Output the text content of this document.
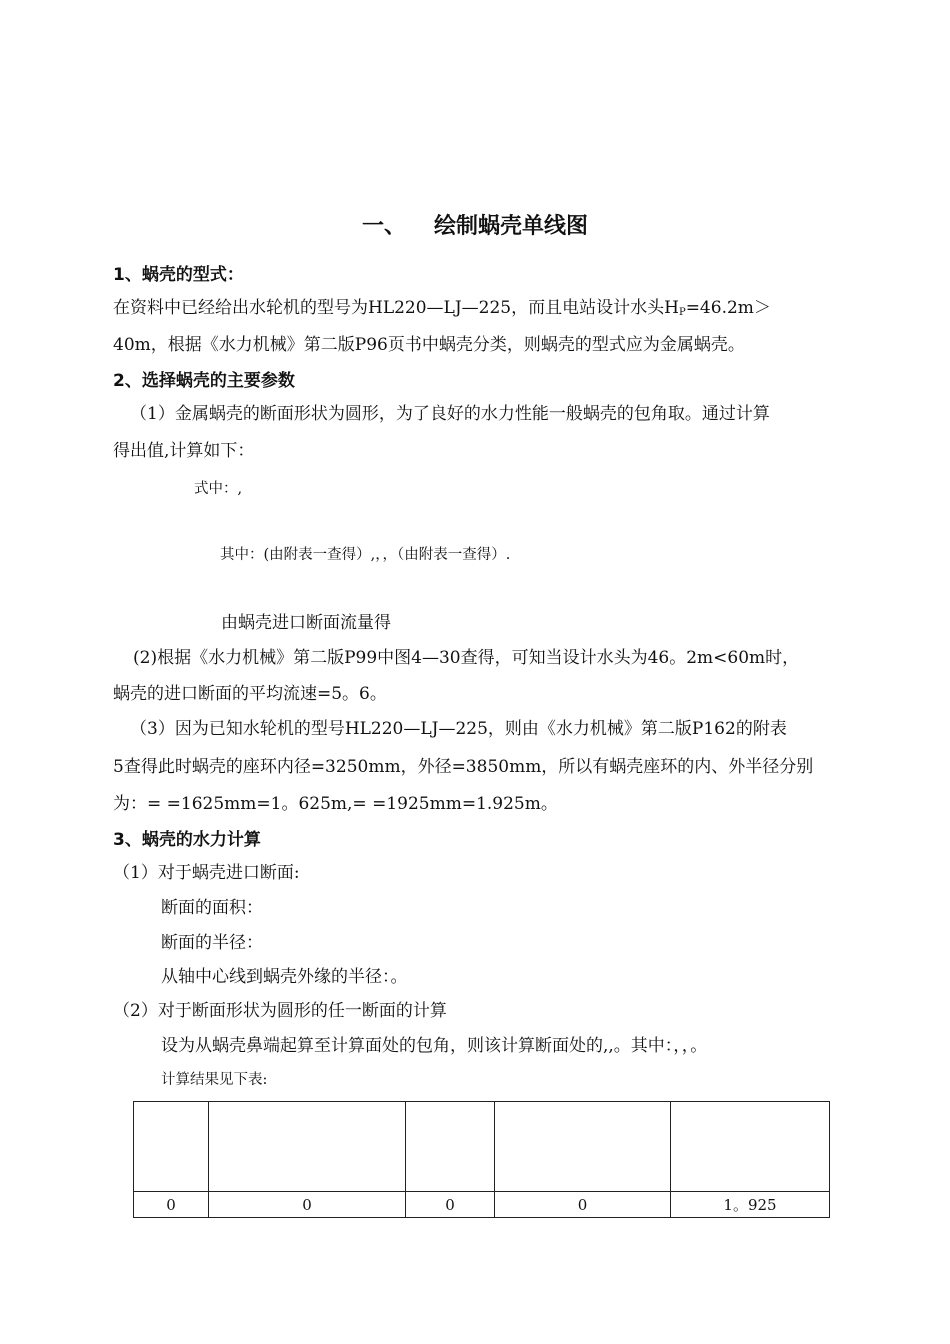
一、 绘制蜗壳单线图
1、蜗壳的型式：
在资料中已经给出水轮机的型号为HL220—LJ—225，而且电站设计水头$H_P=46.2m>$
40m，根据《水力机械》第二版P96页书中蜗壳分类，则蜗壳的型式应为金属蜗壳。
2、选择蜗壳的主要参数
（1）金属蜗壳的断面形状为圆形，为了良好的水力性能一般蜗壳的包角取。通过计算
得出值,计算如下：
式中：,
其中：(由附表一查得）,，，（由附表一查得）.
由蜗壳进口断面流量得
(2)根据《水力机械》第二版P99中图4—30查得，可知当设计水头为46。2m<60m时，
蜗壳的进口断面的平均流速=5。6。
（3）因为已知水轮机的型号HL220—LJ—225，则由《水力机械》第二版P162的附表
5查得此时蜗壳的座环内径=3250mm，外径=3850mm，所以有蜗壳座环的内、外半径分别
为：= =1625mm=1。625m,= =1925mm=1.925m。
3、蜗壳的水力计算
（1）对于蜗壳进口断面:
断面的面积：
断面的半径：
从轴中心线到蜗壳外缘的半径：。
（2）对于断面形状为圆形的任一断面的计算
设为从蜗壳鼻端起算至计算面处的包角，则该计算断面处的,,。其中：，，。
计算结果见下表:

0	0	0	0	1。925
